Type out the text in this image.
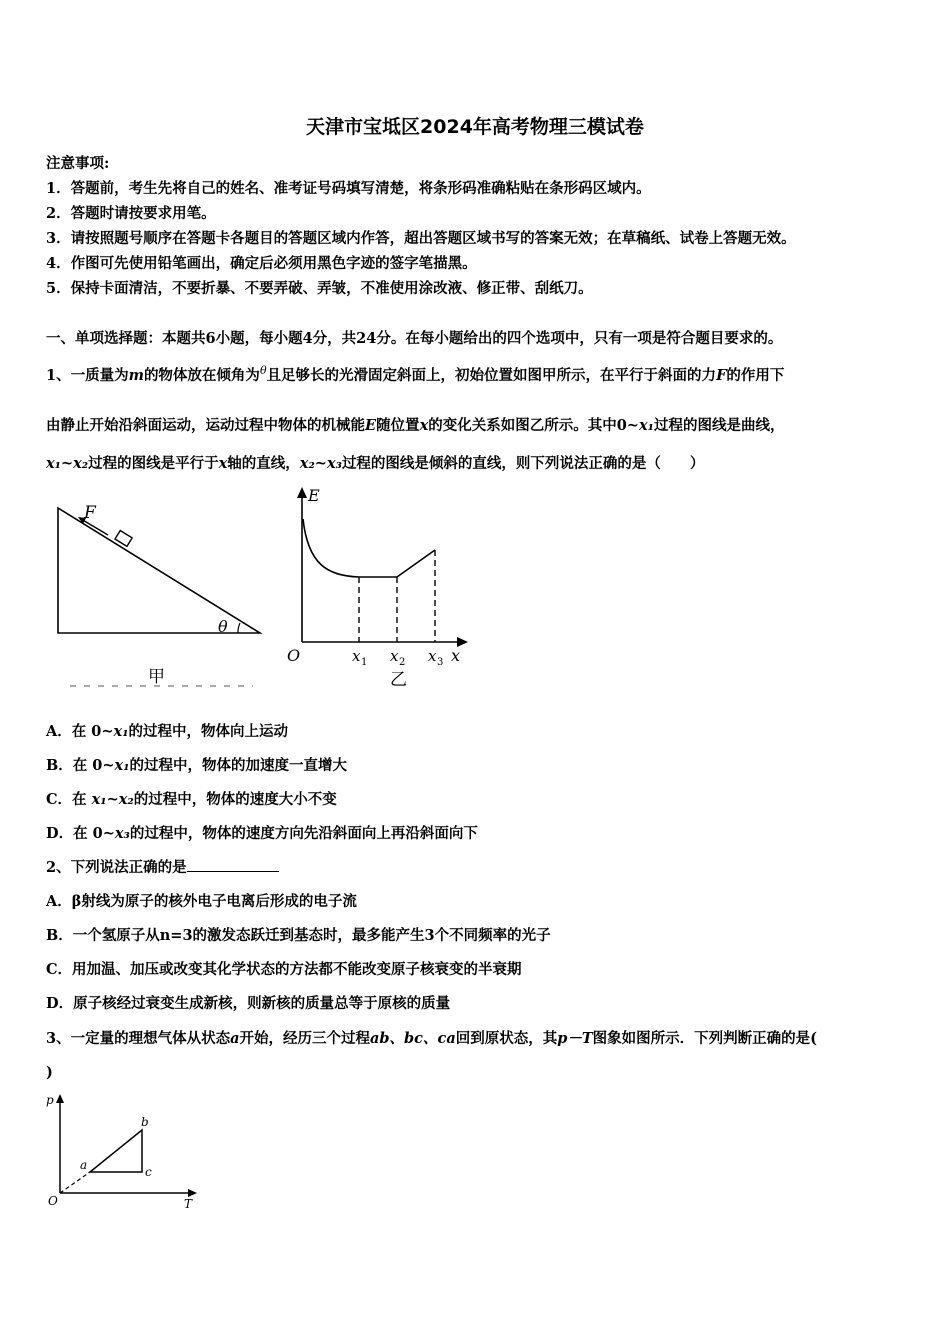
天津市宝坻区2024年高考物理三模试卷
注意事项:
1．答题前，考生先将自己的姓名、准考证号码填写清楚，将条形码准确粘贴在条形码区域内。
2．答题时请按要求用笔。
3．请按照题号顺序在答题卡各题目的答题区域内作答，超出答题区域书写的答案无效；在草稿纸、试卷上答题无效。
4．作图可先使用铅笔画出，确定后必须用黑色字迹的签字笔描黑。
5．保持卡面清洁，不要折暴、不要弄破、弄皱，不准使用涂改液、修正带、刮纸刀。
一、单项选择题：本题共6小题，每小题4分，共24分。在每小题给出的四个选项中，只有一项是符合题目要求的。
1、一质量为m的物体放在倾角为$^\theta$且足够长的光滑固定斜面上，初始位置如图甲所示，在平行于斜面的力F的作用下
由静止开始沿斜面运动，运动过程中物体的机械能E随位置x的变化关系如图乙所示。其中0~x₁过程的图线是曲线，
x₁~x₂过程的图线是平行于x轴的直线，x₂~x₃过程的图线是倾斜的直线，则下列说法正确的是（　　）
F
θ
甲
E
O	x
x 1 x 2 x 3
乙
A．在 0~x₁的过程中，物体向上运动
B．在 0~x₁的过程中，物体的加速度一直增大
C．在 x₁~x₂的过程中，物体的速度大小不变
D．在 0~x₃的过程中，物体的速度方向先沿斜面向上再沿斜面向下
2、下列说法正确的是
A．β射线为原子的核外电子电离后形成的电子流
B．一个氢原子从n=3的激发态跃迁到基态时，最多能产生3个不同频率的光子
C．用加温、加压或改变其化学状态的方法都不能改变原子核衰变的半衰期
D．原子核经过衰变生成新核，则新核的质量总等于原核的质量
3、一定量的理想气体从状态a开始，经历三个过程ab、bc、ca回到原状态，其p－T图象如图所示．下列判断正确的是(
)
p
T
O
a
b
c
